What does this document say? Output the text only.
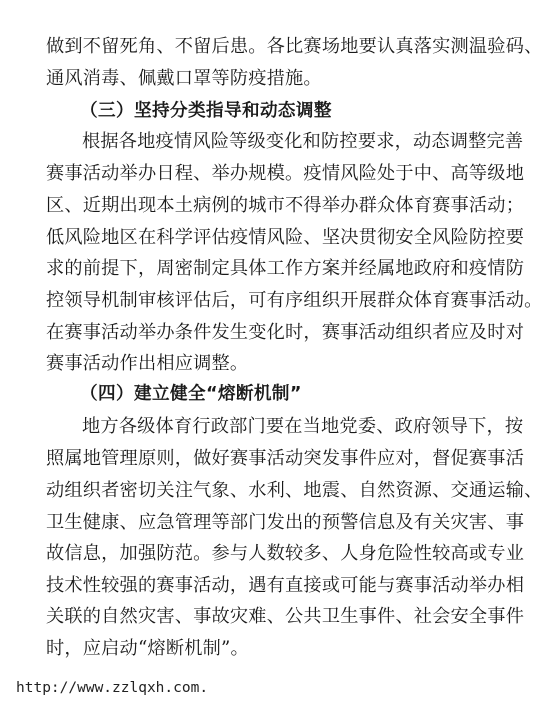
做到不留死角、不留后患。各比赛场地要认真落实测温验码、
通风消毒、佩戴口罩等防疫措施。
（三）坚持分类指导和动态调整
根据各地疫情风险等级变化和防控要求，动态调整完善
赛事活动举办日程、举办规模。疫情风险处于中、高等级地
区、近期出现本土病例的城市不得举办群众体育赛事活动；
低风险地区在科学评估疫情风险、坚决贯彻安全风险防控要
求的前提下，周密制定具体工作方案并经属地政府和疫情防
控领导机制审核评估后，可有序组织开展群众体育赛事活动。
在赛事活动举办条件发生变化时，赛事活动组织者应及时对
赛事活动作出相应调整。
（四）建立健全“熔断机制”
地方各级体育行政部门要在当地党委、政府领导下，按
照属地管理原则，做好赛事活动突发事件应对，督促赛事活
动组织者密切关注气象、水利、地震、自然资源、交通运输、
卫生健康、应急管理等部门发出的预警信息及有关灾害、事
故信息，加强防范。参与人数较多、人身危险性较高或专业
技术性较强的赛事活动，遇有直接或可能与赛事活动举办相
关联的自然灾害、事故灾难、公共卫生事件、社会安全事件
时，应启动“熔断机制”。
http://www.zzlqxh.com.
